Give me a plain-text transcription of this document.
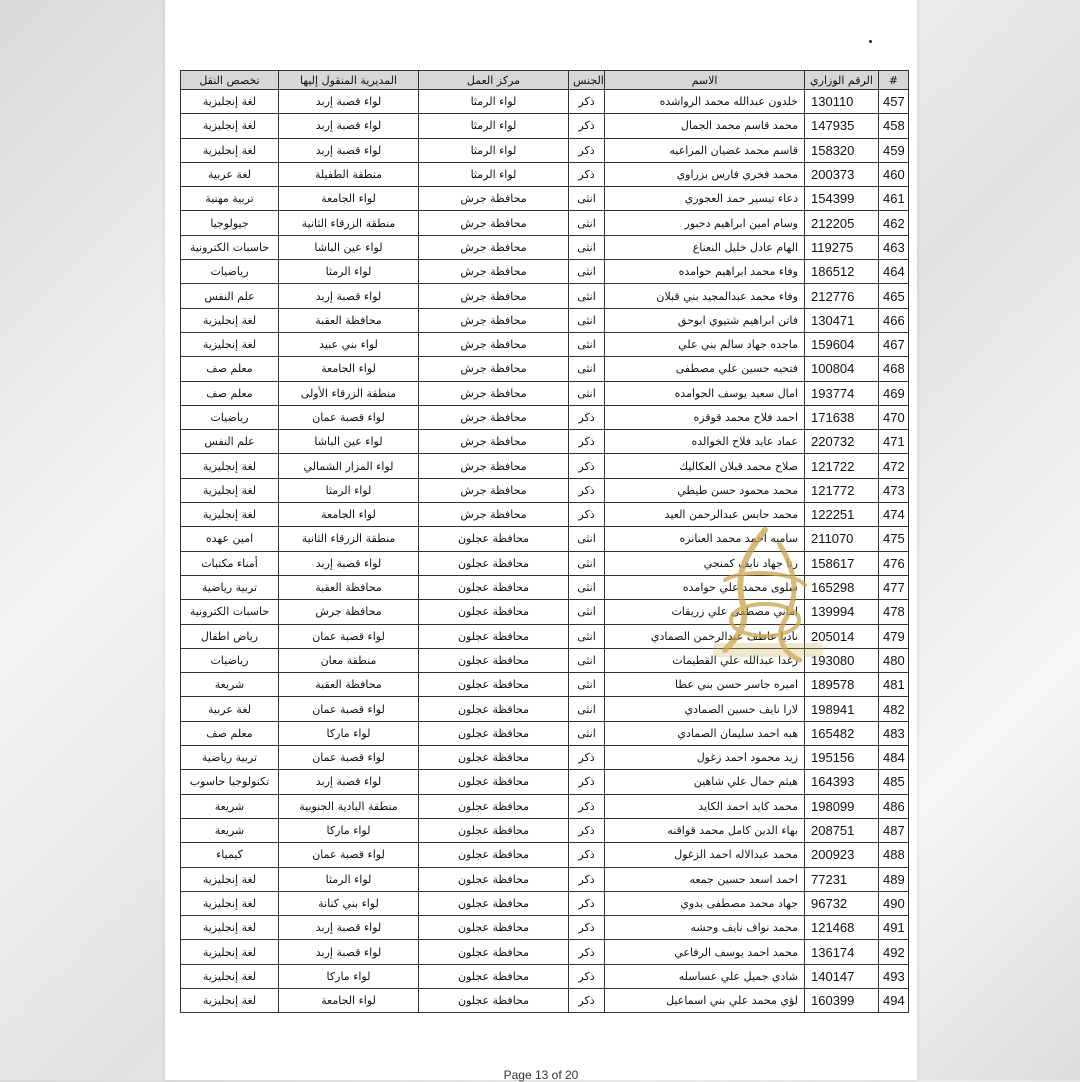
تخصص النقل	المديرية المنقول إليها	مركز العمل	الجنس	الاسم	الرقم الوزاري	#
لغة إنجليزية	لواء قصبة إربد	لواء الرمثا	ذكر	خلدون عبدالله محمد الرواشده	130110	457
لغة إنجليزية	لواء قصبة إربد	لواء الرمثا	ذكر	محمد قاسم محمد الجمال	147935	458
لغة إنجليزية	لواء قصبة إربد	لواء الرمثا	ذكر	قاسم محمد غضيان المراعيه	158320	459
لغة عربية	منطقة الطفيلة	لواء الرمثا	ذكر	محمد فخري فارس بزراوي	200373	460
تربية مهنية	لواء الجامعة	محافظة جرش	انثى	دعاء تيسير حمد العجوري	154399	461
جيولوجيا	منطقة الزرقاء الثانية	محافظة جرش	انثى	وسام امين ابراهيم دحبور	212205	462
حاسبات الكترونية	لواء عين الباشا	محافظة جرش	انثى	الهام عادل خليل النعناع	119275	463
رياضيات	لواء الرمثا	محافظة جرش	انثى	وفاء محمد ابراهيم حوامده	186512	464
علم النفس	لواء قصبة إربد	محافظة جرش	انثى	وفاء محمد عبدالمجيد بني قبلان	212776	465
لغة إنجليزية	محافظة العقبة	محافظة جرش	انثى	فاتن ابراهيم شتيوي ابوحق	130471	466
لغة إنجليزية	لواء بني عبيد	محافظة جرش	انثى	ماجده جهاد سالم بني علي	159604	467
معلم صف	لواء الجامعة	محافظة جرش	انثى	فتحيه حسين علي مصطفى	100804	468
معلم صف	منطقة الزرقاء الأولى	محافظة جرش	انثى	امال سعيد يوسف الحوامده	193774	469
رياضيات	لواء قصبة عمان	محافظة جرش	ذكر	احمد فلاح محمد قوقزه	171638	470
علم النفس	لواء عين الباشا	محافظة جرش	ذكر	عماد عايد فلاح الخوالده	220732	471
لغة إنجليزية	لواء المزار الشمالي	محافظة جرش	ذكر	صلاح محمد قبلان العكاليك	121722	472
لغة إنجليزية	لواء الرمثا	محافظة جرش	ذكر	محمد محمود حسن طيطي	121772	473
لغة إنجليزية	لواء الجامعة	محافظة جرش	ذكر	محمد حابس عبدالرحمن العيد	122251	474
امين عهده	منطقة الزرقاء الثانية	محافظة عجلون	انثى	ساميه احمد محمد العنانزه	211070	475
أمناء مكتبات	لواء قصبة إربد	محافظة عجلون	انثى	رنا جهاد نايف كمنجي	158617	476
تربية رياضية	محافظة العقبة	محافظة عجلون	انثى	سلوى محمد علي حوامده	165298	477
حاسبات الكترونية	محافظة جرش	محافظة عجلون	انثى	اماني مصطفى علي زريقات	139994	478
رياض اطفال	لواء قصبة عمان	محافظة عجلون	انثى	ناديا عاطف عبدالرحمن الصمادي	205014	479
رياضيات	منطقة معان	محافظة عجلون	انثى	رغدا عبدالله علي القطيمات	193080	480
شريعة	محافظة العقبة	محافظة عجلون	انثى	اميره جاسر حسن بني عطا	189578	481
لغة عربية	لواء قصبة عمان	محافظة عجلون	انثى	لارا نايف حسين الصمادي	198941	482
معلم صف	لواء ماركا	محافظة عجلون	انثى	هبه احمد سليمان الصمادي	165482	483
تربية رياضية	لواء قصبة عمان	محافظة عجلون	ذكر	زيد محمود احمد زغول	195156	484
تكنولوجيا حاسوب	لواء قصبة إربد	محافظة عجلون	ذكر	هيثم جمال علي شاهين	164393	485
شريعة	منطقة البادية الجنوبية	محافظة عجلون	ذكر	محمد كايد احمد الكايد	198099	486
شريعة	لواء ماركا	محافظة عجلون	ذكر	بهاء الدين كامل محمد قواقنه	208751	487
كيمياء	لواء قصبة عمان	محافظة عجلون	ذكر	محمد عبدالاله احمد الزغول	200923	488
لغة إنجليزية	لواء الرمثا	محافظة عجلون	ذكر	احمد اسعد حسين جمعه	77231	489
لغة إنجليزية	لواء بني كنانة	محافظة عجلون	ذكر	جهاد محمد مصطفى بدوي	96732	490
لغة إنجليزية	لواء قصبة إربد	محافظة عجلون	ذكر	محمد نواف نايف وحشه	121468	491
لغة إنجليزية	لواء قصبة إربد	محافظة عجلون	ذكر	محمد احمد يوسف الرفاعي	136174	492
لغة إنجليزية	لواء ماركا	محافظة عجلون	ذكر	شادي جميل علي عساسله	140147	493
لغة إنجليزية	لواء الجامعة	محافظة عجلون	ذكر	لؤي محمد علي بني اسماعيل	160399	494
Page 13 of 20
